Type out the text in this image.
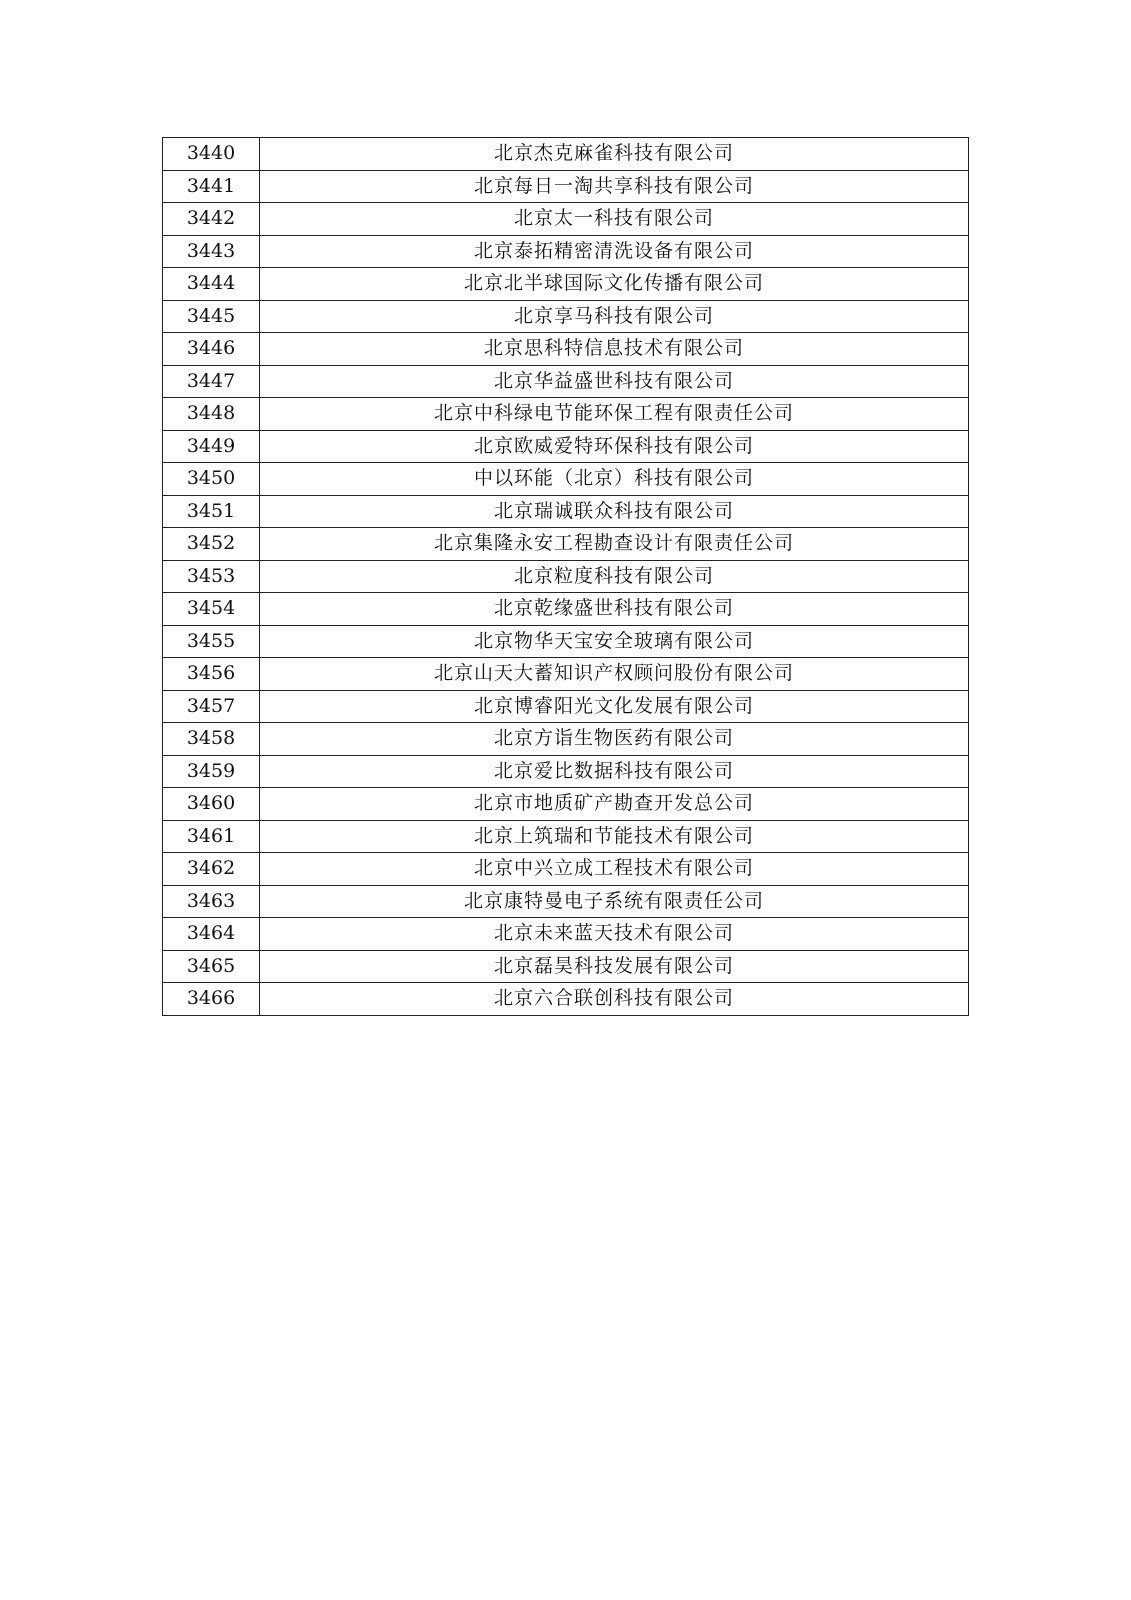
3440	北京杰克麻雀科技有限公司
3441	北京每日一淘共享科技有限公司
3442	北京太一科技有限公司
3443	北京泰拓精密清洗设备有限公司
3444	北京北半球国际文化传播有限公司
3445	北京享马科技有限公司
3446	北京思科特信息技术有限公司
3447	北京华益盛世科技有限公司
3448	北京中科绿电节能环保工程有限责任公司
3449	北京欧威爱特环保科技有限公司
3450	中以环能（北京）科技有限公司
3451	北京瑞诚联众科技有限公司
3452	北京集隆永安工程勘查设计有限责任公司
3453	北京粒度科技有限公司
3454	北京乾缘盛世科技有限公司
3455	北京物华天宝安全玻璃有限公司
3456	北京山天大蓄知识产权顾问股份有限公司
3457	北京博睿阳光文化发展有限公司
3458	北京方诣生物医药有限公司
3459	北京爱比数据科技有限公司
3460	北京市地质矿产勘查开发总公司
3461	北京上筑瑞和节能技术有限公司
3462	北京中兴立成工程技术有限公司
3463	北京康特曼电子系统有限责任公司
3464	北京未来蓝天技术有限公司
3465	北京磊昊科技发展有限公司
3466	北京六合联创科技有限公司
